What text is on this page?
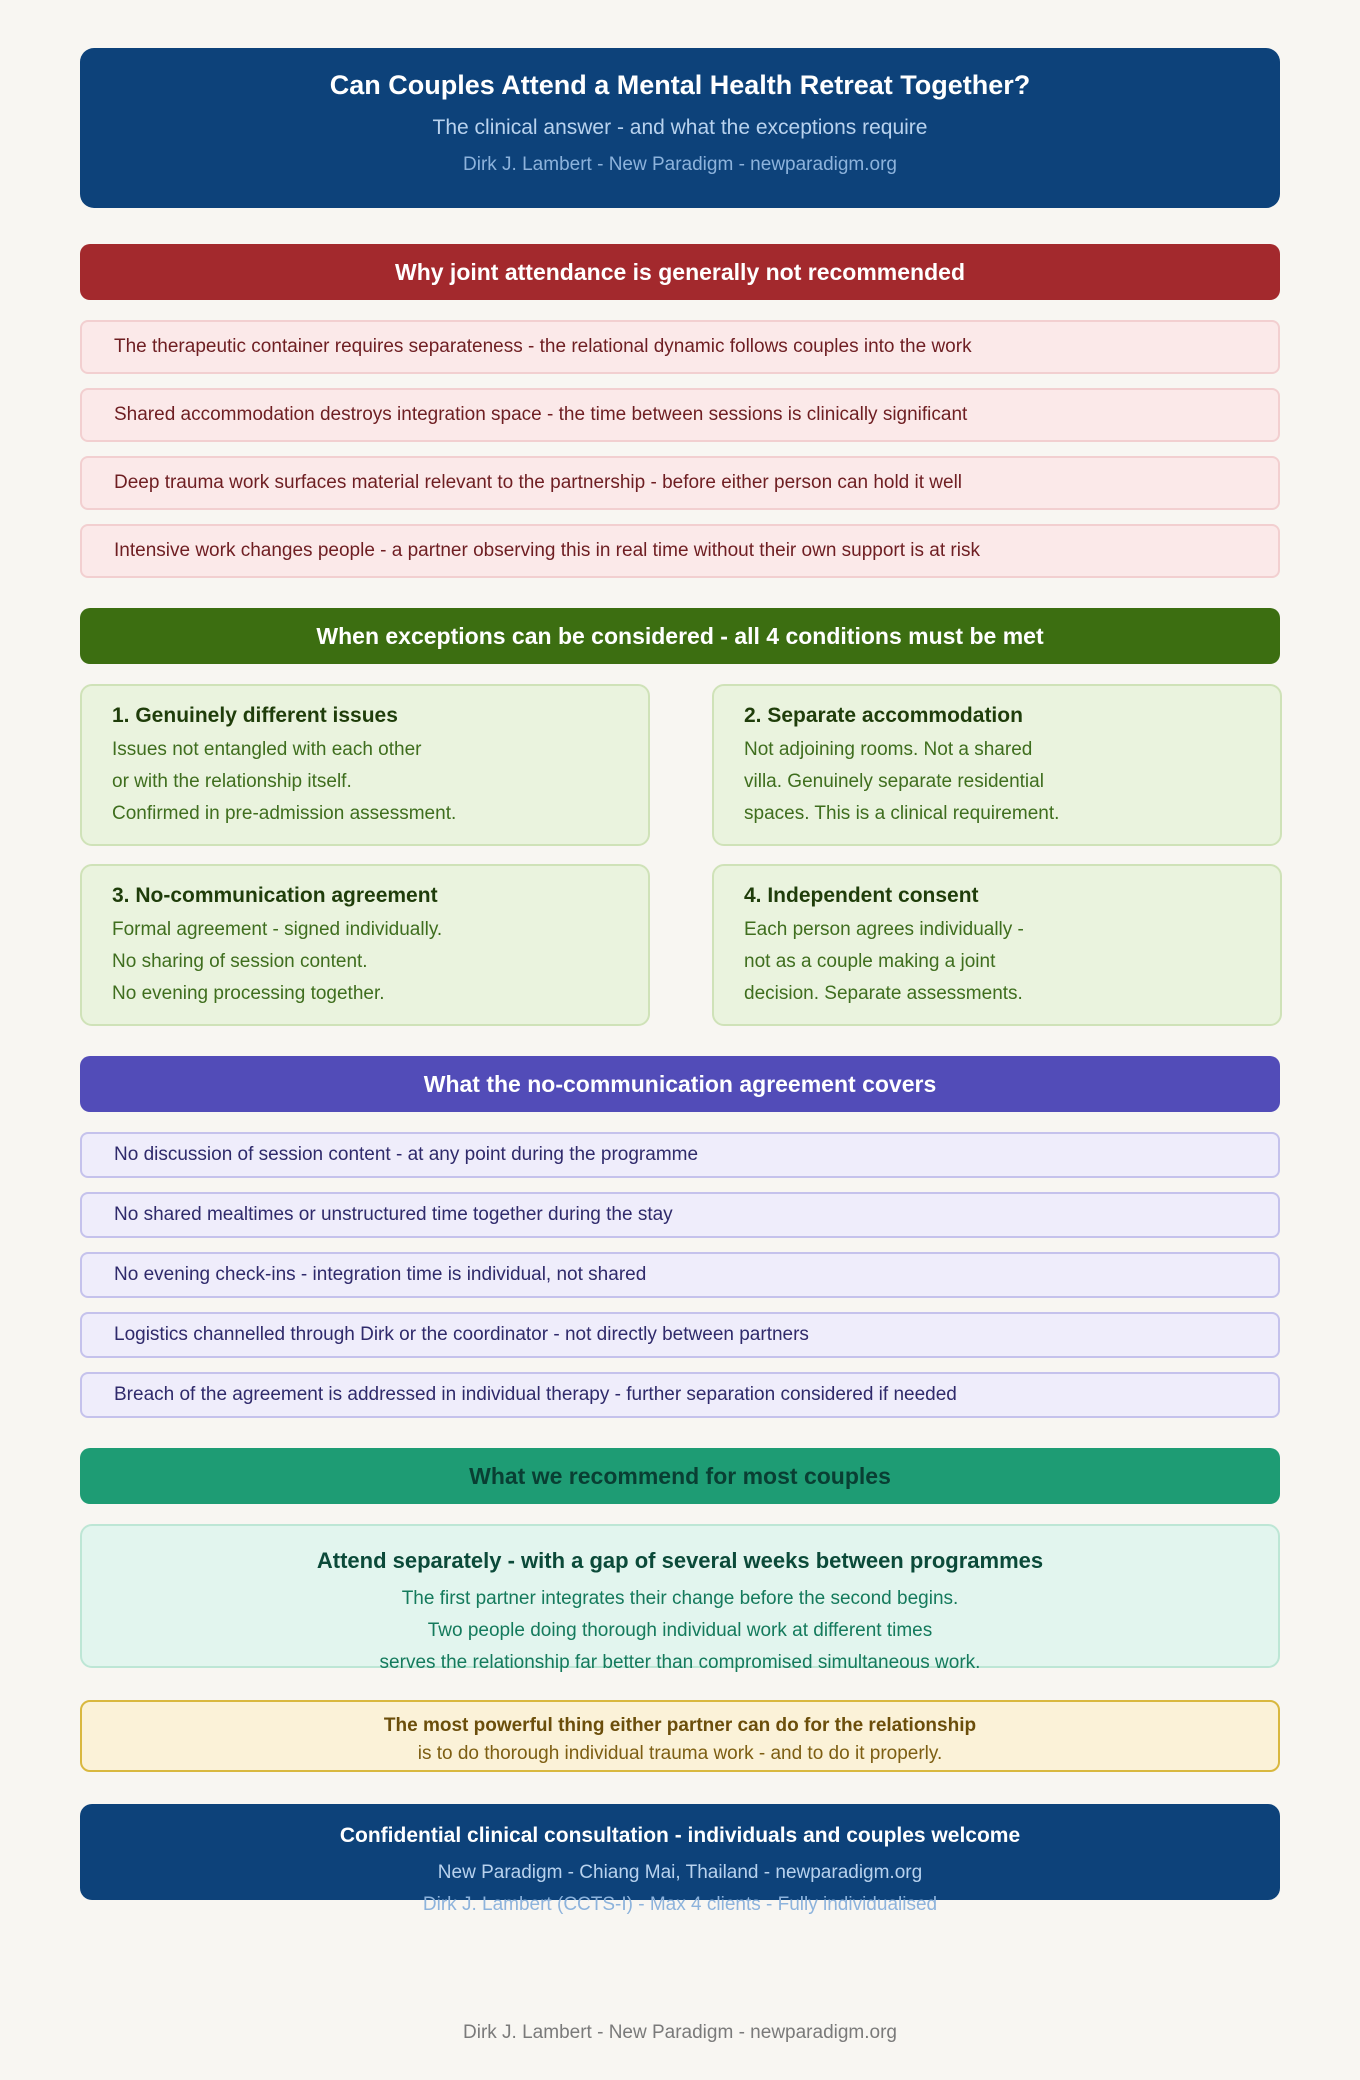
Can Couples Attend a Mental Health Retreat Together?
The clinical answer - and what the exceptions require
Dirk J. Lambert - New Paradigm - newparadigm.org
Why joint attendance is generally not recommended
The therapeutic container requires separateness - the relational dynamic follows couples into the work
Shared accommodation destroys integration space - the time between sessions is clinically significant
Deep trauma work surfaces material relevant to the partnership - before either person can hold it well
Intensive work changes people - a partner observing this in real time without their own support is at risk
When exceptions can be considered - all 4 conditions must be met
1. Genuinely different issues
Issues not entangled with each other
or with the relationship itself.
Confirmed in pre-admission assessment.
2. Separate accommodation
Not adjoining rooms. Not a shared
villa. Genuinely separate residential
spaces. This is a clinical requirement.
3. No-communication agreement
Formal agreement - signed individually.
No sharing of session content.
No evening processing together.
4. Independent consent
Each person agrees individually -
not as a couple making a joint
decision. Separate assessments.
What the no-communication agreement covers
No discussion of session content - at any point during the programme
No shared mealtimes or unstructured time together during the stay
No evening check-ins - integration time is individual, not shared
Logistics channelled through Dirk or the coordinator - not directly between partners
Breach of the agreement is addressed in individual therapy - further separation considered if needed
What we recommend for most couples
Attend separately - with a gap of several weeks between programmes
The first partner integrates their change before the second begins.
Two people doing thorough individual work at different times
serves the relationship far better than compromised simultaneous work.
The most powerful thing either partner can do for the relationship
is to do thorough individual trauma work - and to do it properly.
Confidential clinical consultation - individuals and couples welcome
New Paradigm - Chiang Mai, Thailand - newparadigm.org
Dirk J. Lambert (CCTS-I) - Max 4 clients - Fully individualised
Dirk J. Lambert - New Paradigm - newparadigm.org
